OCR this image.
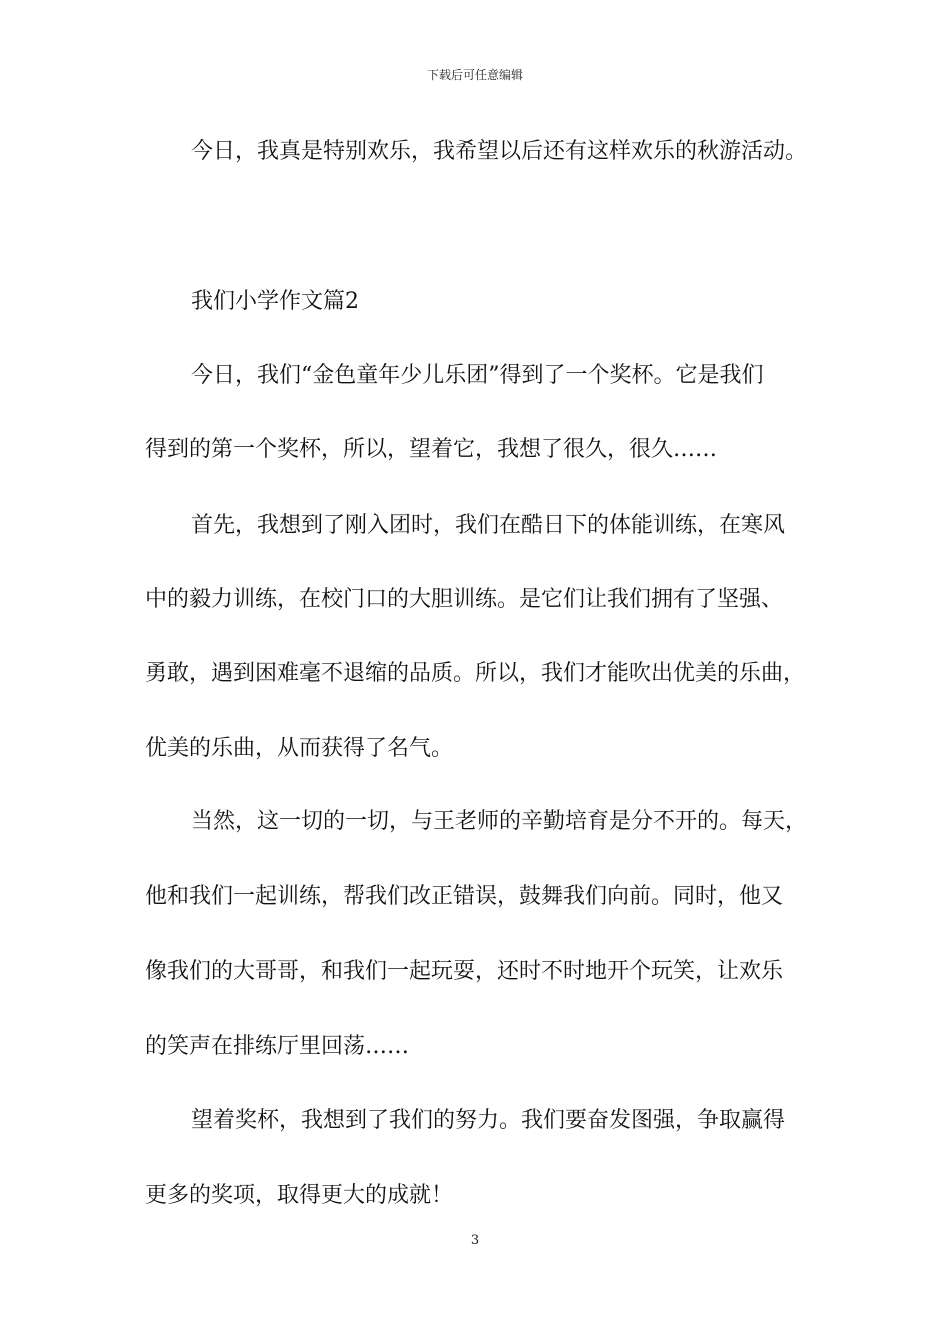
下载后可任意编辑
今日，我真是特别欢乐，我希望以后还有这样欢乐的秋游活动。
我们小学作文篇2
今日，我们“金色童年少儿乐团”得到了一个奖杯。它是我们
得到的第一个奖杯，所以，望着它，我想了很久，很久……
首先，我想到了刚入团时，我们在酷日下的体能训练，在寒风
中的毅力训练，在校门口的大胆训练。是它们让我们拥有了坚强、
勇敢，遇到困难毫不退缩的品质。所以，我们才能吹出优美的乐曲，
优美的乐曲，从而获得了名气。
当然，这一切的一切，与王老师的辛勤培育是分不开的。每天，
他和我们一起训练，帮我们改正错误，鼓舞我们向前。同时，他又
像我们的大哥哥，和我们一起玩耍，还时不时地开个玩笑，让欢乐
的笑声在排练厅里回荡……
望着奖杯，我想到了我们的努力。我们要奋发图强，争取赢得
更多的奖项，取得更大的成就！
3
